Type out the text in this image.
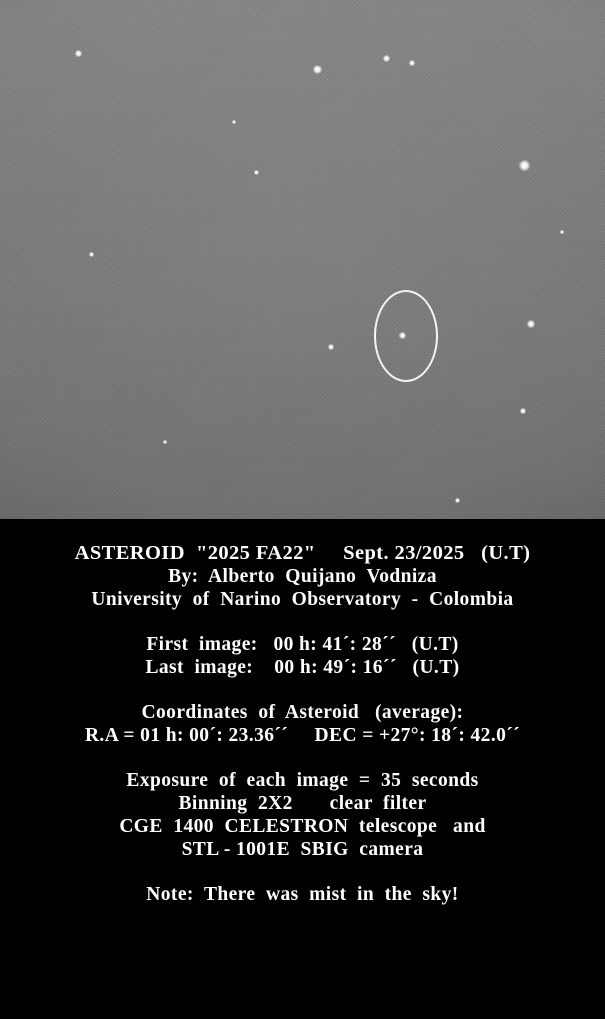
ASTEROID  "2025 FA22"     Sept. 23/2025   (U.T)

By:  Alberto  Quijano  Vodniza

University  of  Narino  Observatory  -  Colombia

First  image:   00 h: 41´: 28´´   (U.T)

Last  image:    00 h: 49´: 16´´   (U.T)

Coordinates  of  Asteroid   (average):

R.A = 01 h: 00´: 23.36´´     DEC = +27°: 18´: 42.0´´

Exposure  of  each  image  =  35  seconds

Binning  2X2       clear  filter

CGE  1400  CELESTRON  telescope   and

STL - 1001E  SBIG  camera

Note:  There  was  mist  in  the  sky!
